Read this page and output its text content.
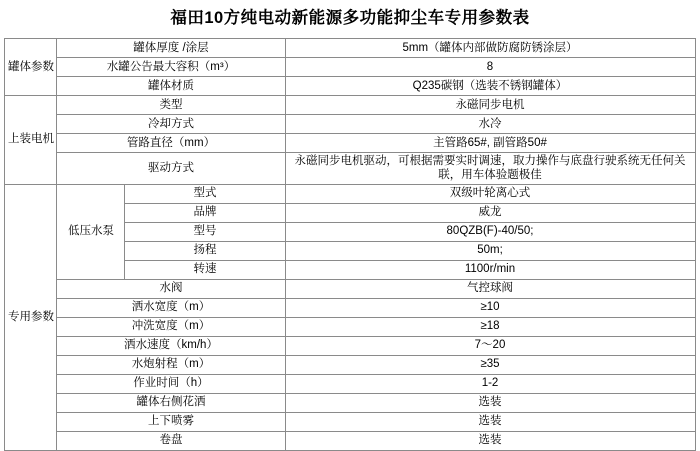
福田10方纯电动新能源多功能抑尘车专用参数表
罐体参数	罐体厚度 /涂层		5mm（罐体内部做防腐防锈涂层）
	水罐公告最大容积（m³）		8
	罐体材质		Q235碳钢（选装不锈钢罐体）
上装电机	类型		永磁同步电机
	冷却方式		水冷
	管路直径（mm）		主管路65#, 副管路50#
	驱动方式		永磁同步电机驱动，可根据需要实时调速，取力操作与底盘行驶系统无任何关联，用车体验题极佳
专用参数	低压水泵	型式	双级叶轮离心式
		品牌	威龙
		型号	80QZB(F)-40/50;
		扬程	50m;
		转速	1100r/min
	水阀		气控球阀
	洒水宽度（m）		≥10
	冲洗宽度（m）		≥18
	洒水速度（km/h）		7～20
	水炮射程（m）		≥35
	作业时间（h）		1-2
	罐体右侧花洒		选装
	上下喷雾		选装
	卷盘		选装
